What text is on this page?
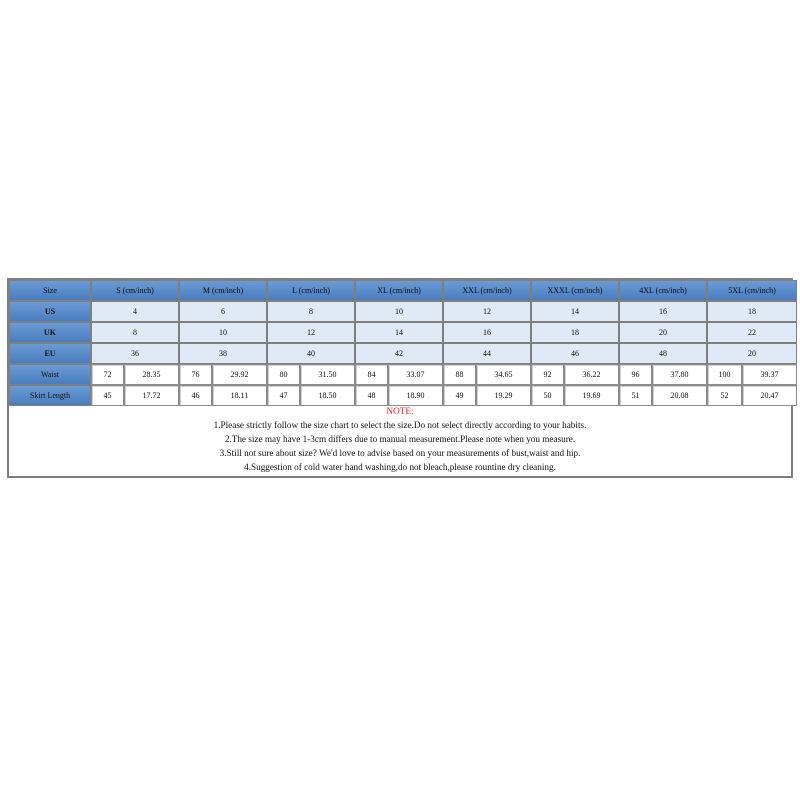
Size	S (cm/inch)		M (cm/inch)		L (cm/inch)		XL (cm/inch)		XXL (cm/inch)		XXXL (cm/inch)		4XL (cm/inch)		5XL (cm/inch)	
US	4		6		8		10		12		14		16		18	
UK	8		10		12		14		16		18		20		22	
EU	36		38		40		42		44		46		48		20	
Waist	72	28.35	76	29.92	80	31.50	84	33.07	88	34.65	92	36.22	96	37.80	100	39.37
Skirt Length	45	17.72	46	18.11	47	18.50	48	18.90	49	19.29	50	19.69	51	20.08	52	20.47
NOTE:
1.Please strictly follow the size chart to select the size.Do not select directly according to your habits.
2.The size may have 1-3cm differs due to manual measurement.Please note when you measure.
3.Still not sure about size? We'd love to advise based on your measurements of bust,waist and hip.
4.Suggestion of cold water hand washing,do not bleach,please rountine dry cleaning.
